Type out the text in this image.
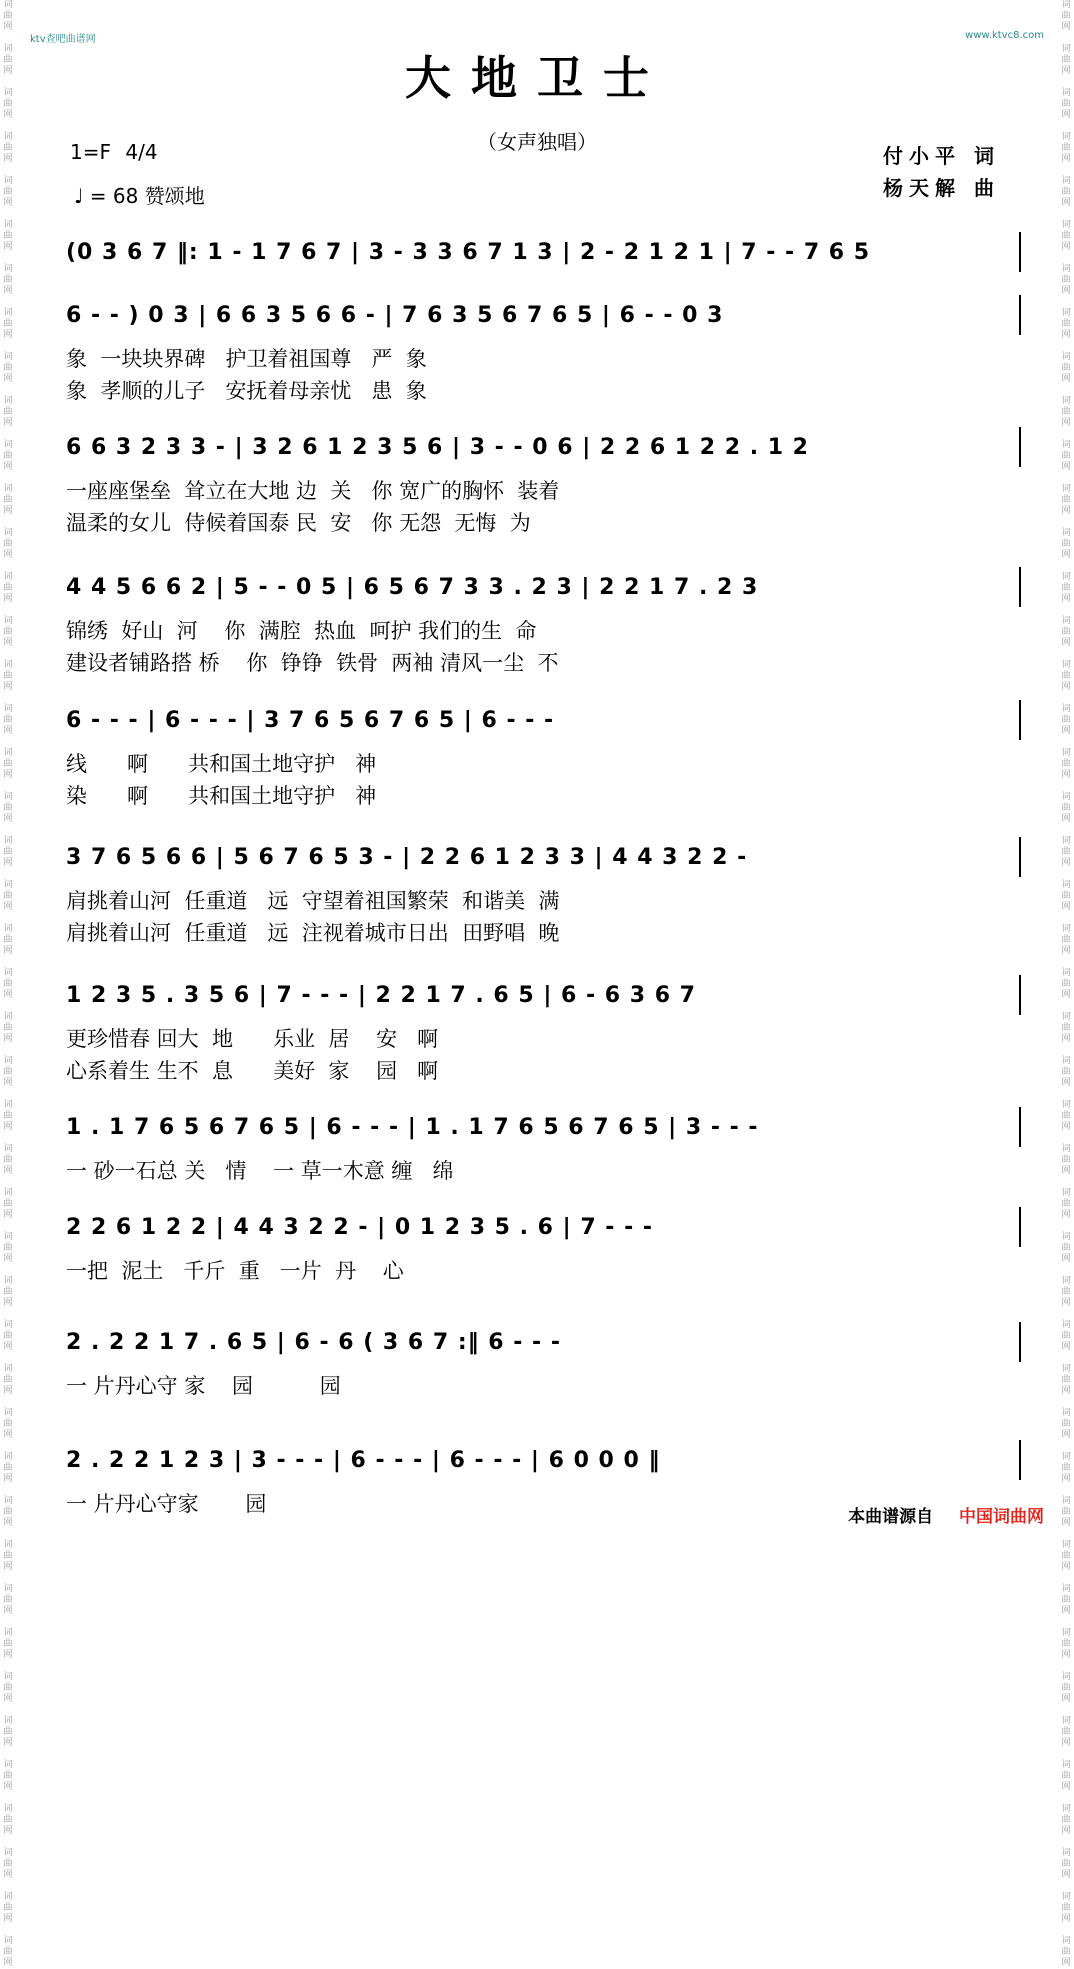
词
曲
网

词
曲
网

词
曲
网

词
曲
网

词
曲
网

词
曲
网

词
曲
网

词
曲
网

词
曲
网

词
曲
网

词
曲
网

词
曲
网

词
曲
网

词
曲
网

词
曲
网

词
曲
网

词
曲
网

词
曲
网

词
曲
网

词
曲
网

词
曲
网

词
曲
网

词
曲
网

词
曲
网

词
曲
网

词
曲
网

词
曲
网

词
曲
网

词
曲
网

词
曲
网

词
曲
网

词
曲
网

词
曲
网

词
曲
网

词
曲
网

词
曲
网

词
曲
网

词
曲
网

词
曲
网

词
曲
网

词
曲
网

词
曲
网

词
曲
网

词
曲
网

词
曲
网
词
曲
网

词
曲
网

词
曲
网

词
曲
网

词
曲
网

词
曲
网

词
曲
网

词
曲
网

词
曲
网

词
曲
网

词
曲
网

词
曲
网

词
曲
网

词
曲
网

词
曲
网

词
曲
网

词
曲
网

词
曲
网

词
曲
网

词
曲
网

词
曲
网

词
曲
网

词
曲
网

词
曲
网

词
曲
网

词
曲
网

词
曲
网

词
曲
网

词
曲
网

词
曲
网

词
曲
网

词
曲
网

词
曲
网

词
曲
网

词
曲
网

词
曲
网

词
曲
网

词
曲
网

词
曲
网

词
曲
网

词
曲
网

词
曲
网

词
曲
网

词
曲
网

词
曲
网
ktv查吧曲谱网	www.ktvc8.com
大地卫士
（女声独唱）
1=F 4/4
♩ = 68 赞颂地
付小平 词
杨天解 曲
(0 3 6 7 ‖: 1 - 1 7 6 7 | 3 - 3 3 6 7 1 3 | 2 - 2 1 2 1 | 7 - - 7 6 5
6 - - ) 0 3 | 6 6 3 5 6 6 - | 7 6 3 5 6 7 6 5 | 6 - - 0 3
象  一块块界碑   护卫着祖国尊   严  象
象  孝顺的儿子   安抚着母亲忧   患  象
6 6 3 2 3 3 - | 3 2 6 1 2 3 5 6 | 3 - - 0 6 | 2 2 6 1 2 2 . 1 2
一座座堡垒  耸立在大地 边  关   你 宽广的胸怀  装着
温柔的女儿  侍候着国泰 民  安   你 无怨  无悔  为
4 4 5 6 6 2 | 5 - - 0 5 | 6 5 6 7 3 3 . 2 3 | 2 2 1 7 . 2 3
锦绣  好山  河    你  满腔  热血  呵护 我们的生  命
建设者铺路搭 桥    你  铮铮  铁骨  两袖 清风一尘  不
6 - - - | 6 - - - | 3 7 6 5 6 7 6 5 | 6 - - -
线      啊      共和国土地守护   神
染      啊      共和国土地守护   神
3 7 6 5 6 6 | 5 6 7 6 5 3 - | 2 2 6 1 2 3 3 | 4 4 3 2 2 -
肩挑着山河  任重道   远  守望着祖国繁荣  和谐美  满
肩挑着山河  任重道   远  注视着城市日出  田野唱  晚
1 2 3 5 . 3 5 6 | 7 - - - | 2 2 1 7 . 6 5 | 6 - 6 3 6 7
更珍惜春 回大  地      乐业  居    安   啊
心系着生 生不  息      美好  家    园   啊
1 . 1 7 6 5 6 7 6 5 | 6 - - - | 1 . 1 7 6 5 6 7 6 5 | 3 - - -
一 砂一石总 关   情    一 草一木意 缠   绵
2 2 6 1 2 2 | 4 4 3 2 2 - | 0 1 2 3 5 . 6 | 7 - - -
一把  泥土   千斤  重   一片  丹    心
2 . 2 2 1 7 . 6 5 | 6 - 6 ( 3 6 7 :‖ 6 - - -
一 片丹心守 家    园          园
2 . 2 2 1 2 3 | 3 - - - | 6 - - - | 6 - - - | 6 0 0 0 ‖
一 片丹心守家       园
本曲谱源自 中国词曲网
